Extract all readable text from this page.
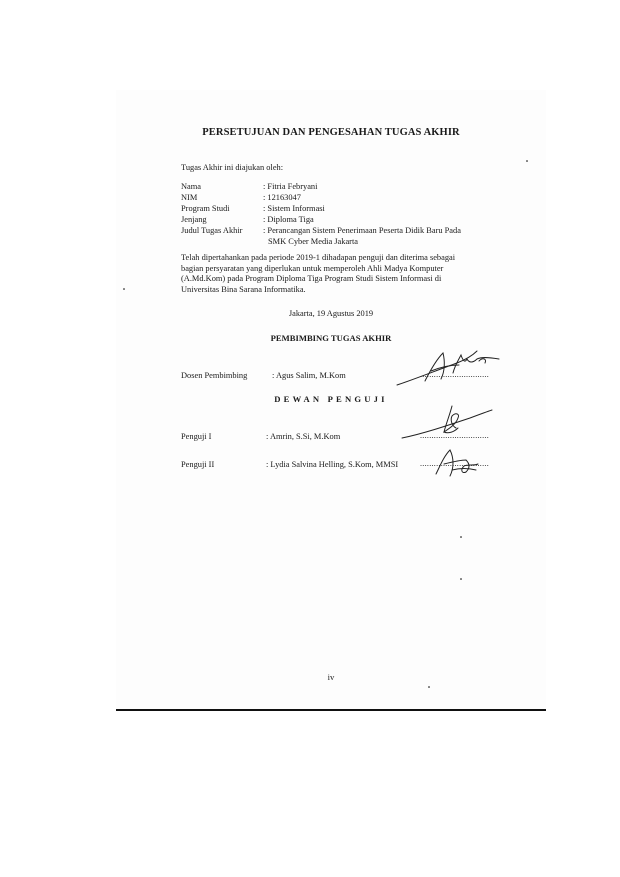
PERSETUJUAN DAN PENGESAHAN TUGAS AKHIR
Tugas Akhir ini diajukan oleh:
Nama	: Fitria Febryani
NIM	: 12163047
Program Studi	: Sistem Informasi
Jenjang	: Diploma Tiga
Judul Tugas Akhir : Perancangan Sistem Penerimaan Peserta Didik Baru Pada
SMK Cyber Media Jakarta
Telah dipertahankan pada periode 2019-1 dihadapan penguji dan diterima sebagai
bagian persyaratan yang diperlukan untuk memperoleh Ahli Madya Komputer
(A.Md.Kom) pada Program Diploma Tiga Program Studi Sistem Informasi di
Universitas Bina Sarana Informatika.
Jakarta, 19 Agustus 2019
PEMBIMBING TUGAS AKHIR
Dosen Pembimbing	: Agus Salim, M.Kom	..............................
DEWAN PENGUJI
Penguji I	: Amrin, S.Si, M.Kom	..............................
Penguji II	: Lydia Salvina Helling, S.Kom, MMSI	..............................
iv
